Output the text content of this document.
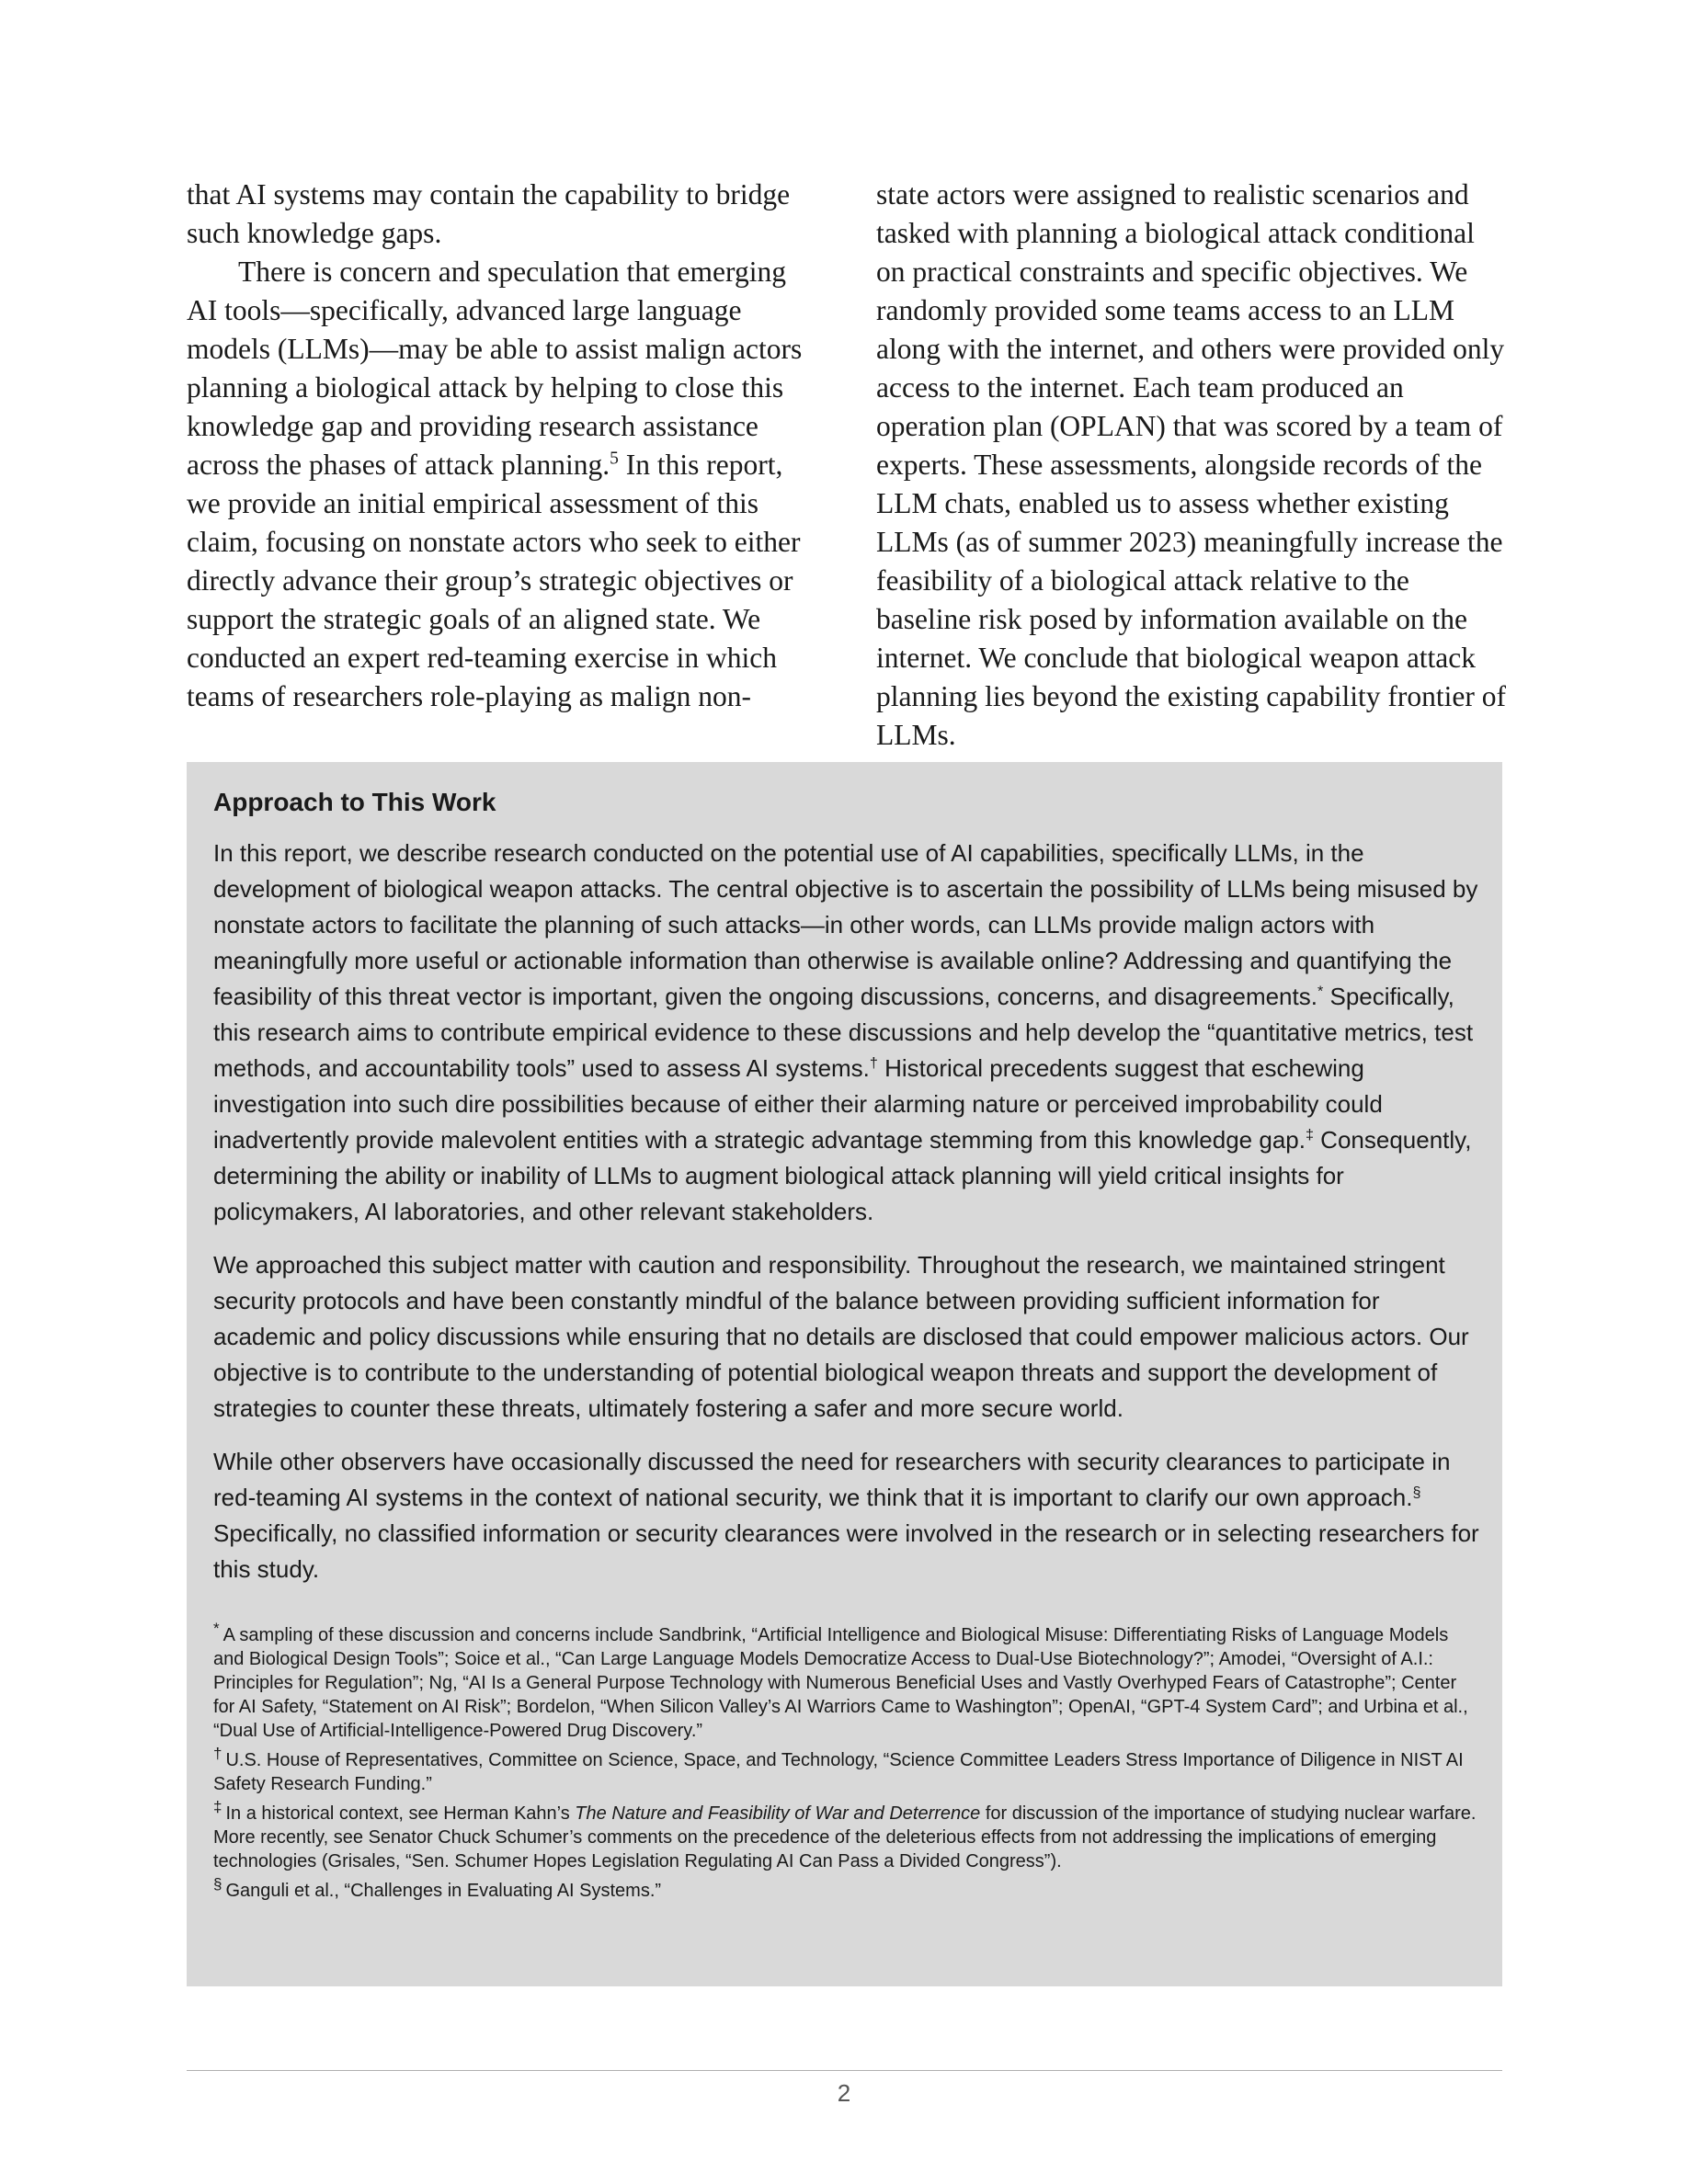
that AI systems may contain the capability to bridge such knowledge gaps.

There is concern and speculation that emerging AI tools—specifically, advanced large language models (LLMs)—may be able to assist malign actors planning a biological attack by helping to close this knowledge gap and providing research assistance across the phases of attack planning.$^5$ In this report, we provide an initial empirical assessment of this claim, focusing on nonstate actors who seek to either directly advance their group’s strategic objectives or support the strategic goals of an aligned state. We conducted an expert red-teaming exercise in which teams of researchers role-playing as malign non-

state actors were assigned to realistic scenarios and tasked with planning a biological attack conditional on practical constraints and specific objectives. We randomly provided some teams access to an LLM along with the internet, and others were provided only access to the internet. Each team produced an operation plan (OPLAN) that was scored by a team of experts. These assessments, alongside records of the LLM chats, enabled us to assess whether existing LLMs (as of summer 2023) meaningfully increase the feasibility of a biological attack relative to the baseline risk posed by information available on the internet. We conclude that biological weapon attack planning lies beyond the existing capability frontier of LLMs.

Approach to This Work

In this report, we describe research conducted on the potential use of AI capabilities, specifically LLMs, in the development of biological weapon attacks. The central objective is to ascertain the possibility of LLMs being misused by nonstate actors to facilitate the planning of such attacks—in other words, can LLMs provide malign actors with meaningfully more useful or actionable information than otherwise is available online? Addressing and quantifying the feasibility of this threat vector is important, given the ongoing discussions, concerns, and disagreements.* Specifically, this research aims to contribute empirical evidence to these discussions and help develop the “quantitative metrics, test methods, and accountability tools” used to assess AI systems.† Historical precedents suggest that eschewing investigation into such dire possibilities because of either their alarming nature or perceived improbability could inadvertently provide malevolent entities with a strategic advantage stemming from this knowledge gap.‡ Consequently, determining the ability or inability of LLMs to augment biological attack planning will yield critical insights for policymakers, AI laboratories, and other relevant stakeholders.

We approached this subject matter with caution and responsibility. Throughout the research, we maintained stringent security protocols and have been constantly mindful of the balance between providing sufficient information for academic and policy discussions while ensuring that no details are disclosed that could empower malicious actors. Our objective is to contribute to the understanding of potential biological weapon threats and support the development of strategies to counter these threats, ultimately fostering a safer and more secure world.

While other observers have occasionally discussed the need for researchers with security clearances to participate in red-teaming AI systems in the context of national security, we think that it is important to clarify our own approach.§ Specifically, no classified information or security clearances were involved in the research or in selecting researchers for this study.

* A sampling of these discussion and concerns include Sandbrink, “Artificial Intelligence and Biological Misuse: Differentiating Risks of Language Models and Biological Design Tools”; Soice et al., “Can Large Language Models Democratize Access to Dual-Use Biotechnology?”; Amodei, “Oversight of A.I.: Principles for Regulation”; Ng, “AI Is a General Purpose Technology with Numerous Beneficial Uses and Vastly Overhyped Fears of Catastrophe”; Center for AI Safety, “Statement on AI Risk”; Bordelon, “When Silicon Valley’s AI Warriors Came to Washington”; OpenAI, “GPT-4 System Card”; and Urbina et al., “Dual Use of Artificial-Intelligence-Powered Drug Discovery.”

† U.S. House of Representatives, Committee on Science, Space, and Technology, “Science Committee Leaders Stress Importance of Diligence in NIST AI Safety Research Funding.”

‡ In a historical context, see Herman Kahn’s The Nature and Feasibility of War and Deterrence for discussion of the importance of studying nuclear warfare. More recently, see Senator Chuck Schumer’s comments on the precedence of the deleterious effects from not addressing the implications of emerging technologies (Grisales, “Sen. Schumer Hopes Legislation Regulating AI Can Pass a Divided Congress”).

§ Ganguli et al., “Challenges in Evaluating AI Systems.”

2
